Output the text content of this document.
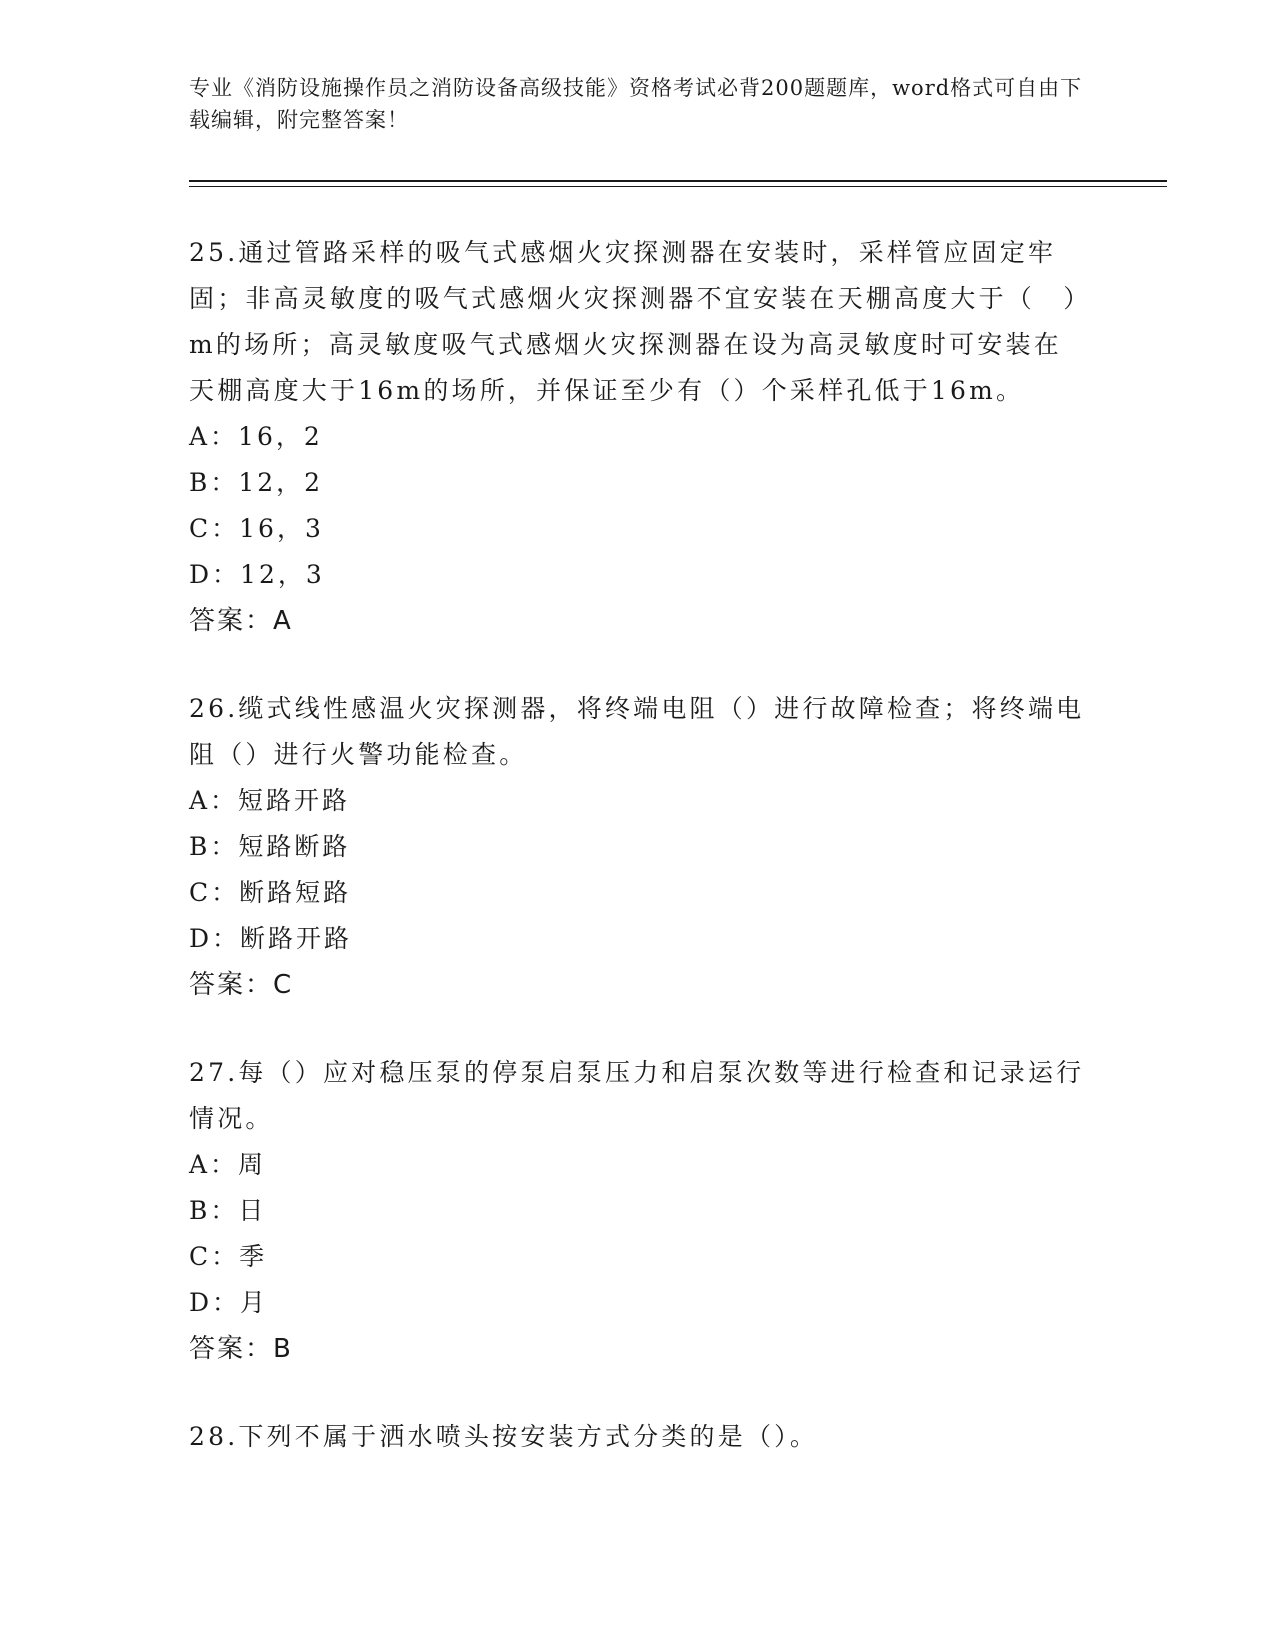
专业《消防设施操作员之消防设备高级技能》资格考试必背200题题库，word格式可自由下载编辑，附完整答案！
25.通过管路采样的吸气式感烟火灾探测器在安装时，采样管应固定牢固；非高灵敏度的吸气式感烟火灾探测器不宜安装在天棚高度大于（　）m的场所；高灵敏度吸气式感烟火灾探测器在设为高灵敏度时可安装在天棚高度大于16m的场所，并保证至少有（）个采样孔低于16m。
A：16，2
B：12，2
C：16，3
D：12，3
答案：A
26.缆式线性感温火灾探测器，将终端电阻（）进行故障检查；将终端电阻（）进行火警功能检查。
A：短路开路
B：短路断路
C：断路短路
D：断路开路
答案：C
27.每（）应对稳压泵的停泵启泵压力和启泵次数等进行检查和记录运行情况。
A：周
B：日
C：季
D：月
答案：B
28.下列不属于洒水喷头按安装方式分类的是（）。
